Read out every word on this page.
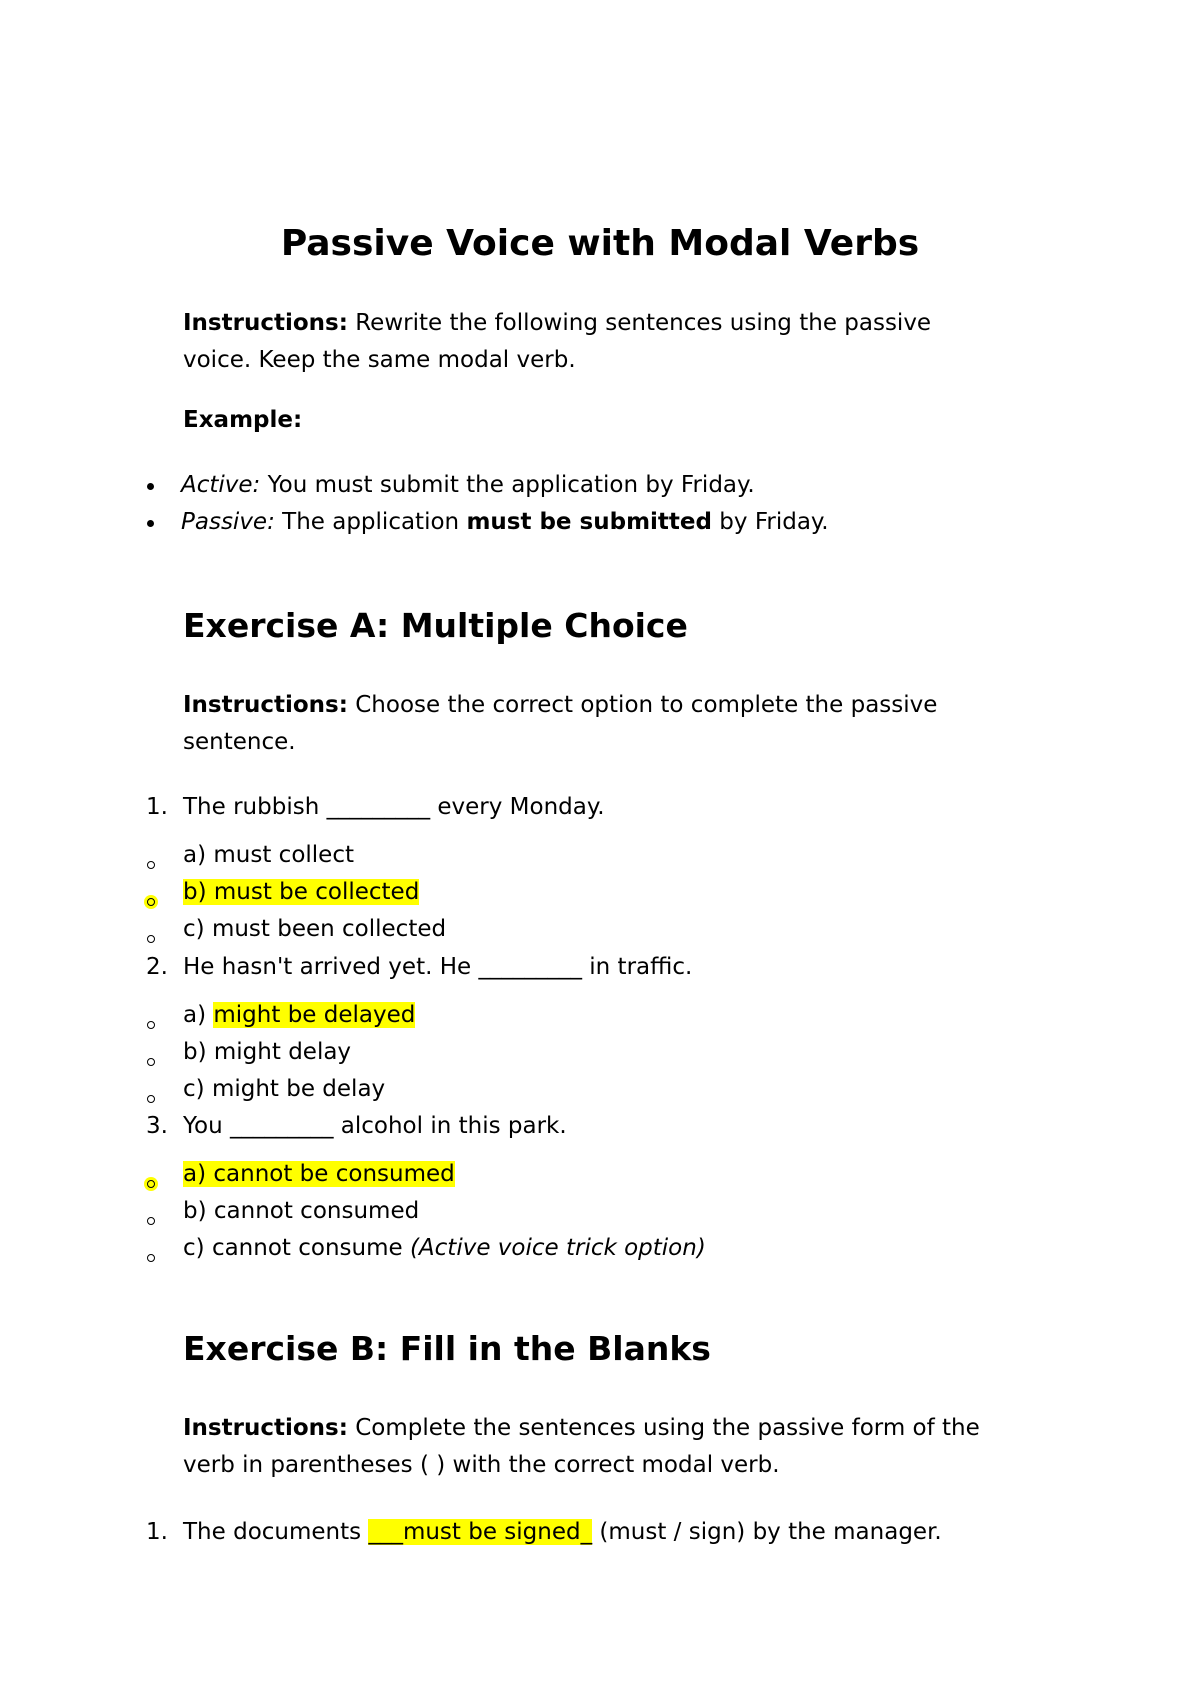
Passive Voice with Modal Verbs

Instructions: Rewrite the following sentences using the passive voice. Keep the same modal verb.

Example:
Active: You must submit the application by Friday.
Passive: The application must be submitted by Friday.
Exercise A: Multiple Choice

Instructions: Choose the correct option to complete the passive sentence.

1. The rubbish _________ every Monday.
a) must collect
b) must be collected
c) must been collected
2. He hasn't arrived yet. He _________ in traffic.
a) might be delayed
b) might delay
c) might be delay
3. You _________ alcohol in this park.
a) cannot be consumed
b) cannot consumed
c) cannot consume (Active voice trick option)
Exercise B: Fill in the Blanks

Instructions: Complete the sentences using the passive form of the verb in parentheses ( ) with the correct modal verb.

1. The documents ___must be signed_ (must / sign) by the manager.
